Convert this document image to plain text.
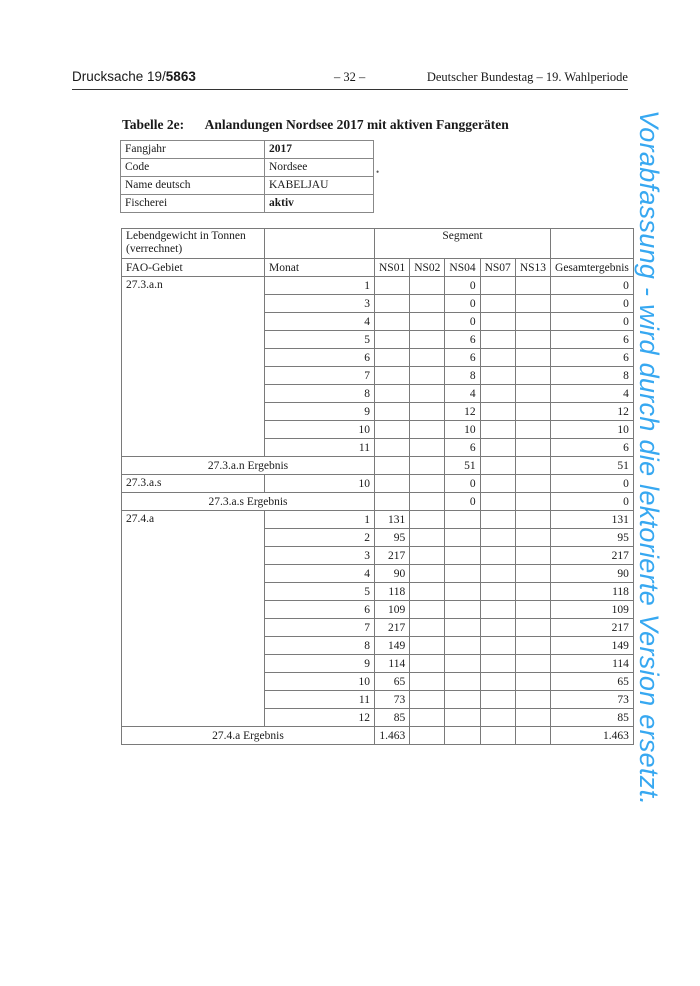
Drucksache 19/5863	– 32 –	Deutscher Bundestag – 19. Wahlperiode
Vorabfassung - wird durch die lektorierte Version ersetzt.
Tabelle 2e: Anlandungen Nordsee 2017 mit aktiven Fanggeräten
Fangjahr	2017
Code	Nordsee
Name deutsch	KABELJAU
Fischerei	aktiv
•
Lebendgewicht in Tonnen (verrechnet)		Segment					
FAO-Gebiet	Monat	NS01	NS02	NS04	NS07	NS13	Gesamtergebnis
27.3.a.n	1			0			0
	3			0			0
	4			0			0
	5			6			6
	6			6			6
	7			8			8
	8			4			4
	9			12			12
	10			10			10
	11			6			6
27.3.a.n Ergebnis				51			51
27.3.a.s	10			0			0
27.3.a.s Ergebnis				0			0
27.4.a	1	131					131
	2	95					95
	3	217					217
	4	90					90
	5	118					118
	6	109					109
	7	217					217
	8	149					149
	9	114					114
	10	65					65
	11	73					73
	12	85					85
27.4.a Ergebnis		1.463					1.463
